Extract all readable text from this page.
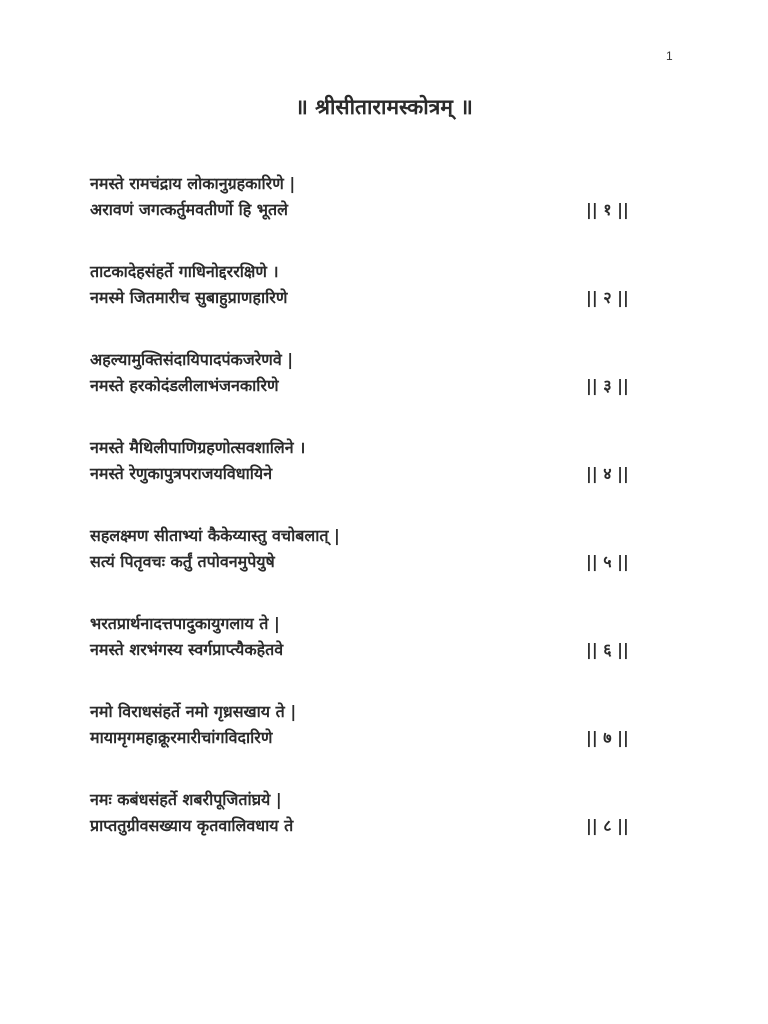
1
॥ श्रीसीतारामस्कोत्रम् ॥
नमस्ते रामचंद्राय लोकानुग्रहकारिणे |
अरावणं जगत्कर्तुमवतीर्णो हि भूतले	|| १ ||
ताटकादेहसंहर्ते गाधिनोद्दररक्षिणे ।
नमस्मे जितमारीच सुबाहुप्राणहारिणे	|| २ ||
अहल्यामुक्तिसंदायिपादपंकजरेणवे |
नमस्ते हरकोदंडलीलाभंजनकारिणे	|| ३ ||
नमस्ते मैथिलीपाणिग्रहणोत्सवशालिने ।
नमस्ते रेणुकापुत्रपराजयविधायिने	|| ४ ||
सहलक्ष्मण सीताभ्यां कैकेय्यास्तु वचोबलात् |
सत्यं पितृवचः कर्तुं तपोवनमुपेयुषे	|| ५ ||
भरतप्रार्थनादत्तपादुकायुगलाय ते |
नमस्ते शरभंगस्य स्वर्गप्राप्त्यैकहेतवे	|| ६ ||
नमो विराधसंहर्ते नमो गृध्रसखाय ते |
मायामृगमहाक्रूरमारीचांगविदारिणे	|| ७ ||
नमः कबंधसंहर्ते शबरीपूजितांघ्रये |
प्राप्ततुग्रीवसख्याय कृतवालिवधाय ते	|| ८ ||
